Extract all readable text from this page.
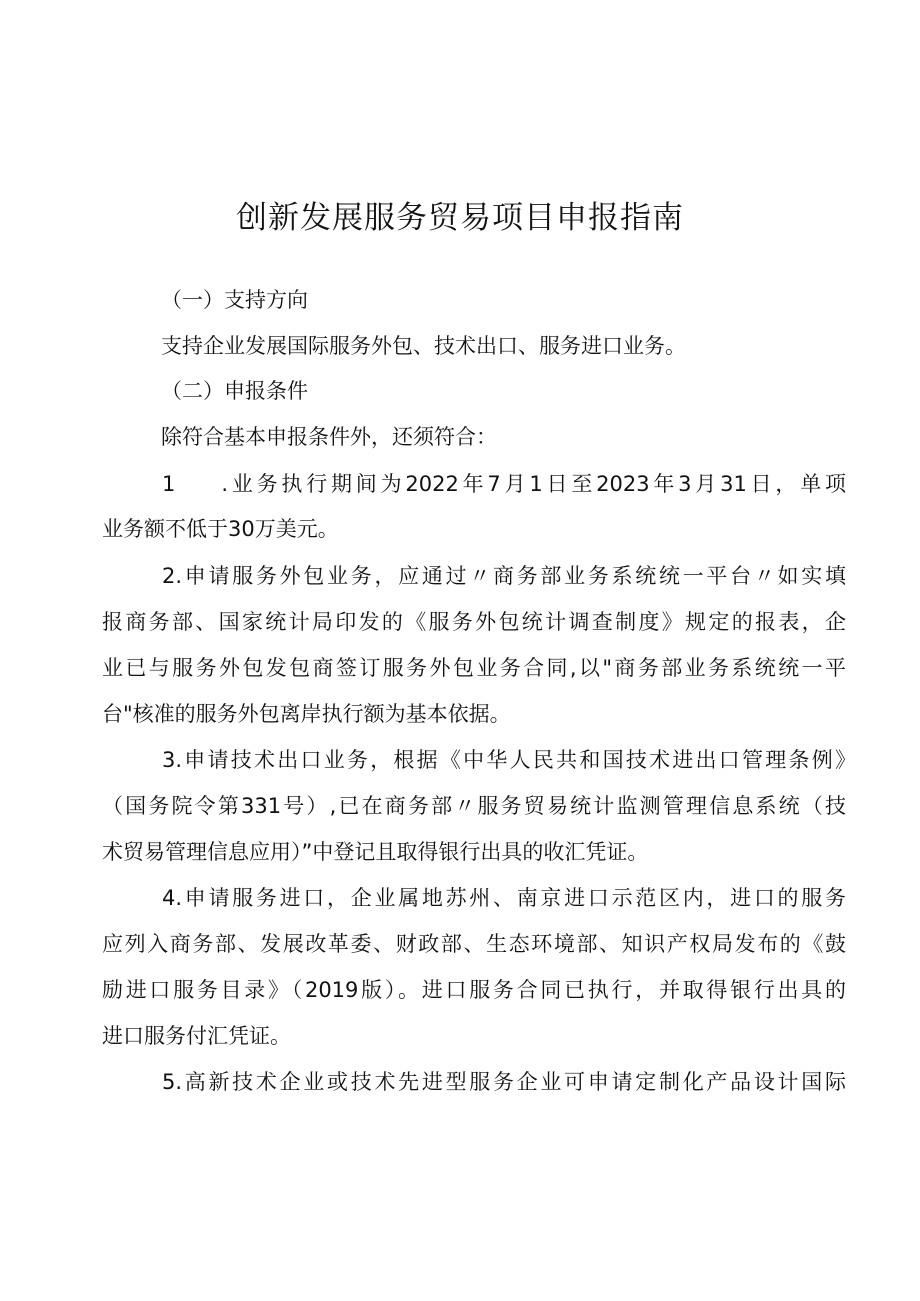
创新发展服务贸易项目申报指南

（一）支持方向

支持企业发展国际服务外包、技术出口、服务进口业务。

（二）申报条件

除符合基本申报条件外，还须符合：

1 .业务执行期间为2022年7月1日至2023年3月31日，单项

业务额不低于30万美元。

2.申请服务外包业务，应通过〃商务部业务系统统一平台〃如实填

报商务部、国家统计局印发的《服务外包统计调查制度》规定的报表，企

业已与服务外包发包商签订服务外包业务合同,以"商务部业务系统统一平

台"核准的服务外包离岸执行额为基本依据。

3.申请技术出口业务，根据《中华人民共和国技术进出口管理条例》

（国务院令第331号）,已在商务部〃服务贸易统计监测管理信息系统（技

术贸易管理信息应用）”中登记且取得银行出具的收汇凭证。

4.申请服务进口，企业属地苏州、南京进口示范区内，进口的服务

应列入商务部、发展改革委、财政部、生态环境部、知识产权局发布的《鼓

励进口服务目录》（2019版）。进口服务合同已执行，并取得银行出具的

进口服务付汇凭证。

5.高新技术企业或技术先进型服务企业可申请定制化产品设计国际
